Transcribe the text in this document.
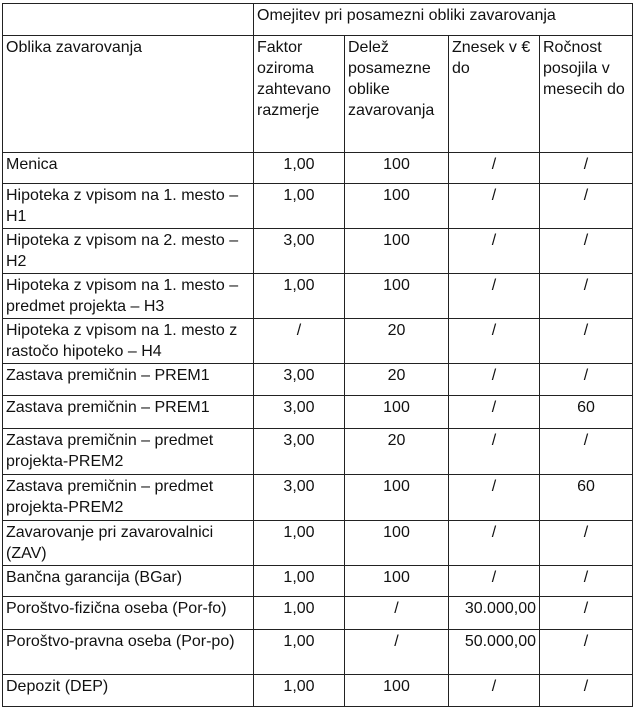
	Omejitev pri posamezni obliki zavarovanja			
Oblika zavarovanja	Faktor oziroma zahtevano razmerje	Delež posamezne oblike zavarovanja	Znesek v € do	Ročnost posojila v mesecih do
Menica	1,00	100	/	/
Hipoteka z vpisom na 1. mesto – H1	1,00	100	/	/
Hipoteka z vpisom na 2. mesto – H2	3,00	100	/	/
Hipoteka z vpisom na 1. mesto – predmet projekta – H3	1,00	100	/	/
Hipoteka z vpisom na 1. mesto z rastočo hipoteko – H4	/	20	/	/
Zastava premičnin – PREM1	3,00	20	/	/
Zastava premičnin – PREM1	3,00	100	/	60
Zastava premičnin – predmet projekta-PREM2	3,00	20	/	/
Zastava premičnin – predmet projekta-PREM2	3,00	100	/	60
Zavarovanje pri zavarovalnici (ZAV)	1,00	100	/	/
Bančna garancija (BGar)	1,00	100	/	/
Poroštvo-fizična oseba (Por-fo)	1,00	/	30.000,00	/
Poroštvo-pravna oseba (Por-po)	1,00	/	50.000,00	/
Depozit (DEP)	1,00	100	/	/
